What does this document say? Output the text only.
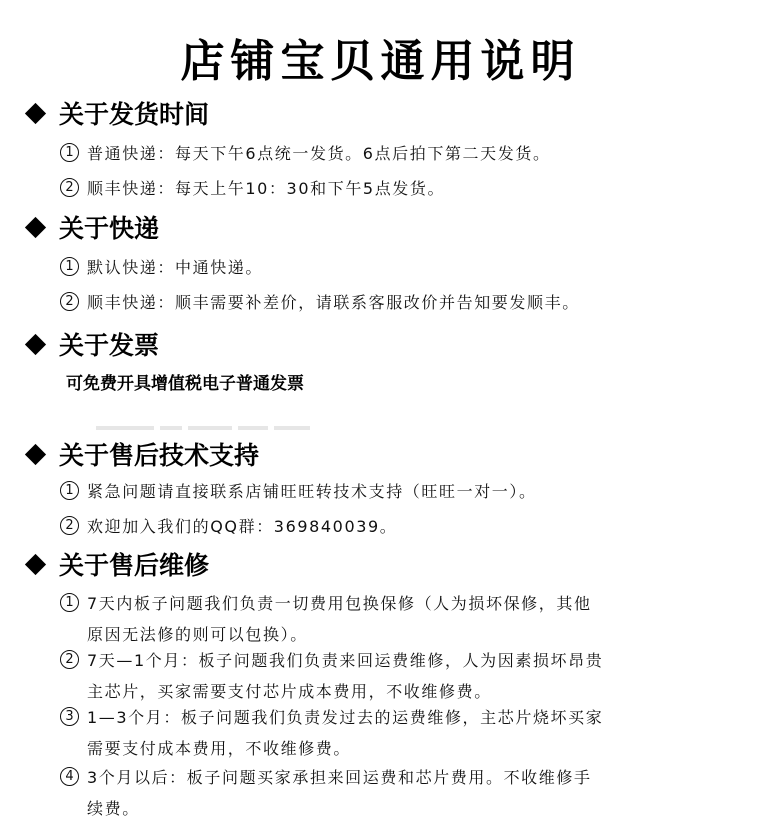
店铺宝贝通用说明
关于发货时间
1 普通快递：每天下午6点统一发货。6点后拍下第二天发货。
2 顺丰快递：每天上午10：30和下午5点发货。
关于快递
1 默认快递：中通快递。
2 顺丰快递：顺丰需要补差价，请联系客服改价并告知要发顺丰。
关于发票
可免费开具增值税电子普通发票
关于售后技术支持
1 紧急问题请直接联系店铺旺旺转技术支持（旺旺一对一）。
2 欢迎加入我们的QQ群：369840039。
关于售后维修
1 7天内板子问题我们负责一切费用包换保修（人为损坏保修，其他
原因无法修的则可以包换）。
2 7天—1个月：板子问题我们负责来回运费维修，人为因素损坏昂贵
主芯片，买家需要支付芯片成本费用，不收维修费。
3 1—3个月：板子问题我们负责发过去的运费维修，主芯片烧坏买家
需要支付成本费用，不收维修费。
4 3个月以后：板子问题买家承担来回运费和芯片费用。不收维修手
续费。
